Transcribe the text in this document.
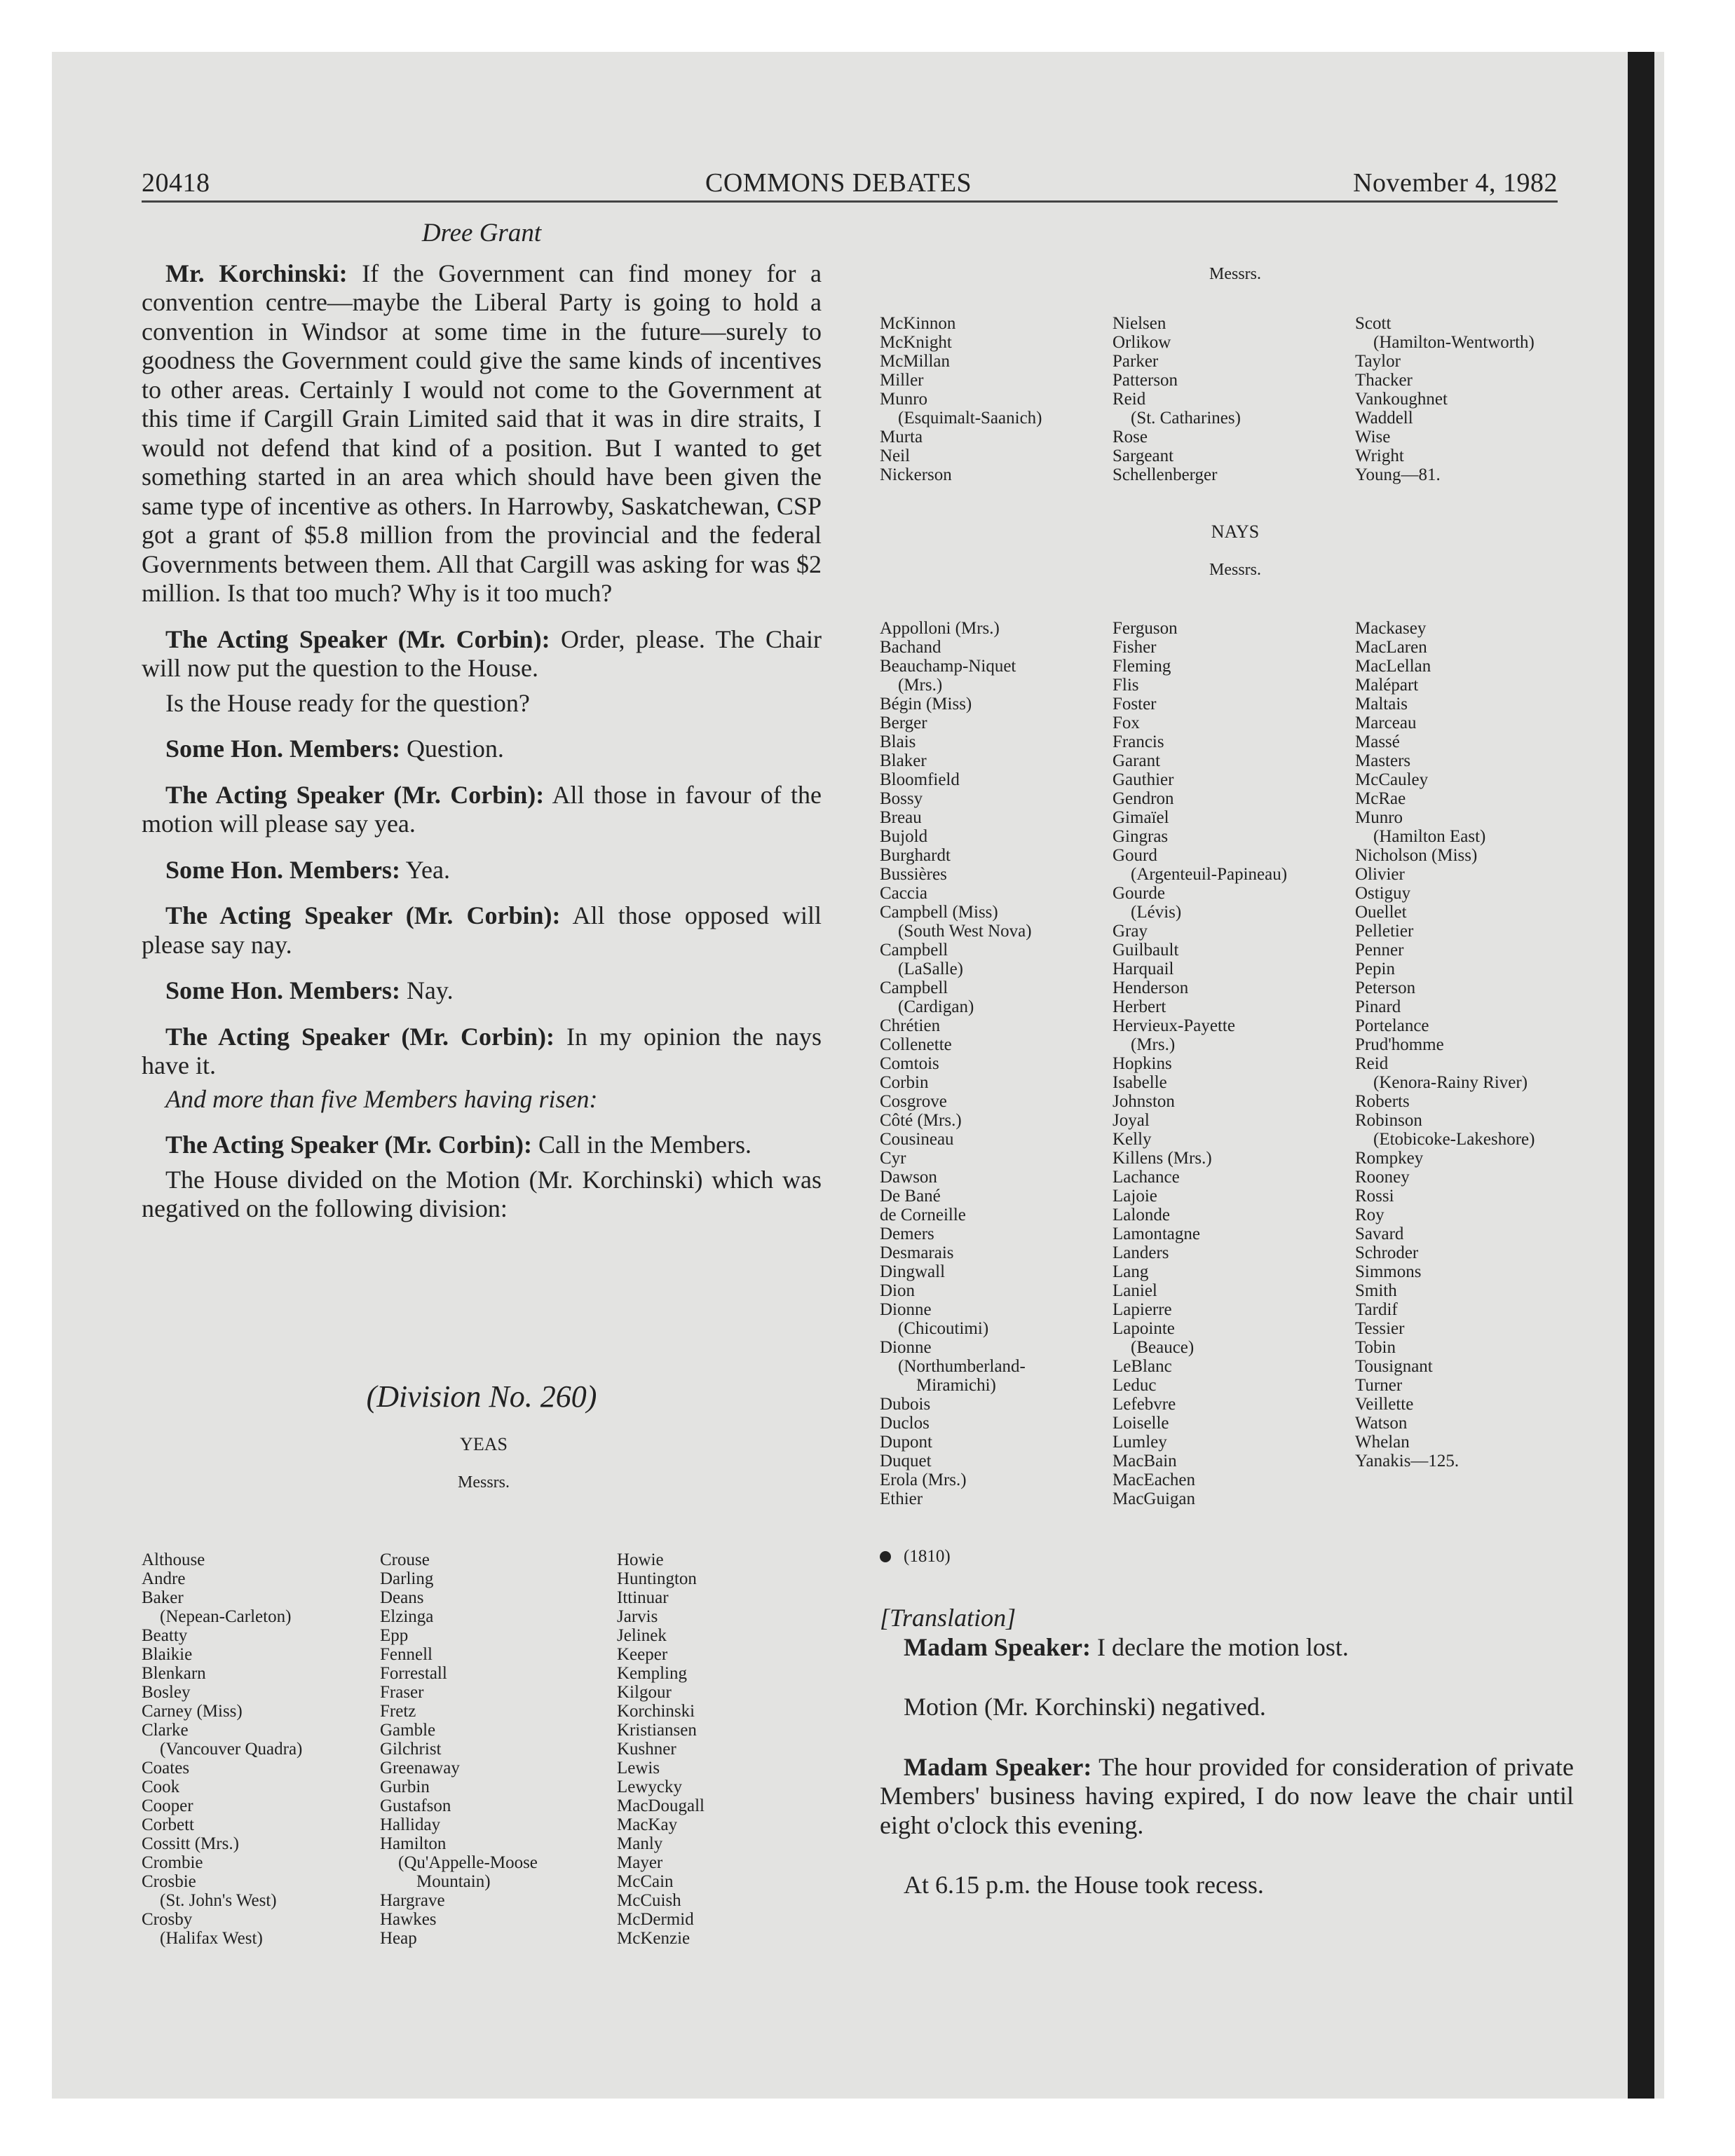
20418	COMMONS DEBATES	November 4, 1982

Dree Grant

Mr. Korchinski: If the Government can find money for a convention centre—maybe the Liberal Party is going to hold a convention in Windsor at some time in the future—surely to goodness the Government could give the same kinds of incentives to other areas. Certainly I would not come to the Government at this time if Cargill Grain Limited said that it was in dire straits, I would not defend that kind of a position. But I wanted to get something started in an area which should have been given the same type of incentive as others. In Harrowby, Saskatchewan, CSP got a grant of $5.8 million from the provincial and the federal Governments between them. All that Cargill was asking for was $2 million. Is that too much? Why is it too much?

The Acting Speaker (Mr. Corbin): Order, please. The Chair will now put the question to the House.

Is the House ready for the question?

Some Hon. Members: Question.

The Acting Speaker (Mr. Corbin): All those in favour of the motion will please say yea.

Some Hon. Members: Yea.

The Acting Speaker (Mr. Corbin): All those opposed will please say nay.

Some Hon. Members: Nay.

The Acting Speaker (Mr. Corbin): In my opinion the nays have it.

And more than five Members having risen:

The Acting Speaker (Mr. Corbin): Call in the Members.

The House divided on the Motion (Mr. Korchinski) which was negatived on the following division:

(Division No. 260)
YEAS
Messrs.
Althouse
Andre
Baker
(Nepean-Carleton)
Beatty
Blaikie
Blenkarn
Bosley
Carney (Miss)
Clarke
(Vancouver Quadra)
Coates
Cook
Cooper
Corbett
Cossitt (Mrs.)
Crombie
Crosbie
(St. John's West)
Crosby
(Halifax West)
Crouse
Darling
Deans
Elzinga
Epp
Fennell
Forrestall
Fraser
Fretz
Gamble
Gilchrist
Greenaway
Gurbin
Gustafson
Halliday
Hamilton
(Qu'Appelle-Moose
Mountain)
Hargrave
Hawkes
Heap
Howie
Huntington
Ittinuar
Jarvis
Jelinek
Keeper
Kempling
Kilgour
Korchinski
Kristiansen
Kushner
Lewis
Lewycky
MacDougall
MacKay
Manly
Mayer
McCain
McCuish
McDermid
McKenzie
Messrs.
McKinnon
McKnight
McMillan
Miller
Munro
(Esquimalt-Saanich)
Murta
Neil
Nickerson
Nielsen
Orlikow
Parker
Patterson
Reid
(St. Catharines)
Rose
Sargeant
Schellenberger
Scott
(Hamilton-Wentworth)
Taylor
Thacker
Vankoughnet
Waddell
Wise
Wright
Young—81.
NAYS
Messrs.
Appolloni (Mrs.)
Bachand
Beauchamp-Niquet
(Mrs.)
Bégin (Miss)
Berger
Blais
Blaker
Bloomfield
Bossy
Breau
Bujold
Burghardt
Bussières
Caccia
Campbell (Miss)
(South West Nova)
Campbell
(LaSalle)
Campbell
(Cardigan)
Chrétien
Collenette
Comtois
Corbin
Cosgrove
Côté (Mrs.)
Cousineau
Cyr
Dawson
De Bané
de Corneille
Demers
Desmarais
Dingwall
Dion
Dionne
(Chicoutimi)
Dionne
(Northumberland-
Miramichi)
Dubois
Duclos
Dupont
Duquet
Erola (Mrs.)
Ethier
Ferguson
Fisher
Fleming
Flis
Foster
Fox
Francis
Garant
Gauthier
Gendron
Gimaïel
Gingras
Gourd
(Argenteuil-Papineau)
Gourde
(Lévis)
Gray
Guilbault
Harquail
Henderson
Herbert
Hervieux-Payette
(Mrs.)
Hopkins
Isabelle
Johnston
Joyal
Kelly
Killens (Mrs.)
Lachance
Lajoie
Lalonde
Lamontagne
Landers
Lang
Laniel
Lapierre
Lapointe
(Beauce)
LeBlanc
Leduc
Lefebvre
Loiselle
Lumley
MacBain
MacEachen
MacGuigan
Mackasey
MacLaren
MacLellan
Malépart
Maltais
Marceau
Massé
Masters
McCauley
McRae
Munro
(Hamilton East)
Nicholson (Miss)
Olivier
Ostiguy
Ouellet
Pelletier
Penner
Pepin
Peterson
Pinard
Portelance
Prud'homme
Reid
(Kenora-Rainy River)
Roberts
Robinson
(Etobicoke-Lakeshore)
Rompkey
Rooney
Rossi
Roy
Savard
Schroder
Simmons
Smith
Tardif
Tessier
Tobin
Tousignant
Turner
Veillette
Watson
Whelan
Yanakis—125.
(1810)

[Translation]

Madam Speaker: I declare the motion lost.

Motion (Mr. Korchinski) negatived.

Madam Speaker: The hour provided for consideration of private Members' business having expired, I do now leave the chair until eight o'clock this evening.

At 6.15 p.m. the House took recess.
